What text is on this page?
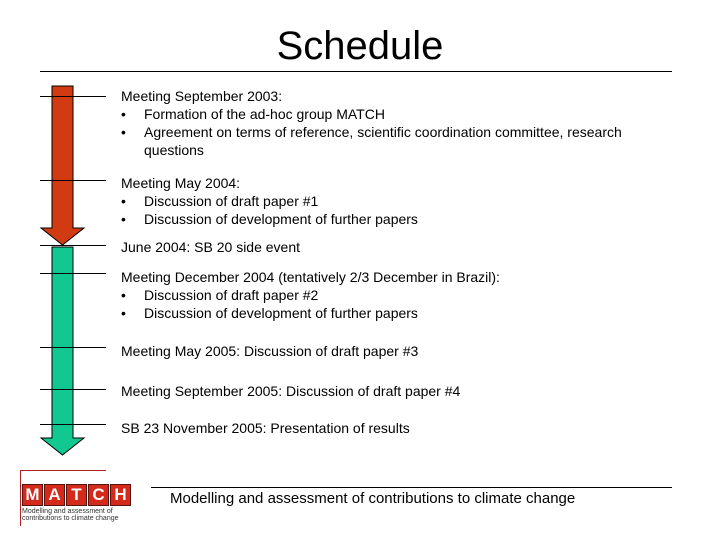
Schedule
Meeting September 2003:
• Formation of the ad-hoc group MATCH
• Agreement on terms of reference, scientific coordination committee, research questions
Meeting May 2004:
• Discussion of draft paper #1
• Discussion of development of further papers
June 2004: SB 20 side event
Meeting December 2004 (tentatively 2/3 December in Brazil):
• Discussion of draft paper #2
• Discussion of development of further papers
Meeting May 2005: Discussion of draft paper #3
Meeting September 2005: Discussion of draft paper #4
SB 23 November 2005: Presentation of results
M A T C H
Modelling and assessment of contributions to climate change
Modelling and assessment of contributions to climate change
